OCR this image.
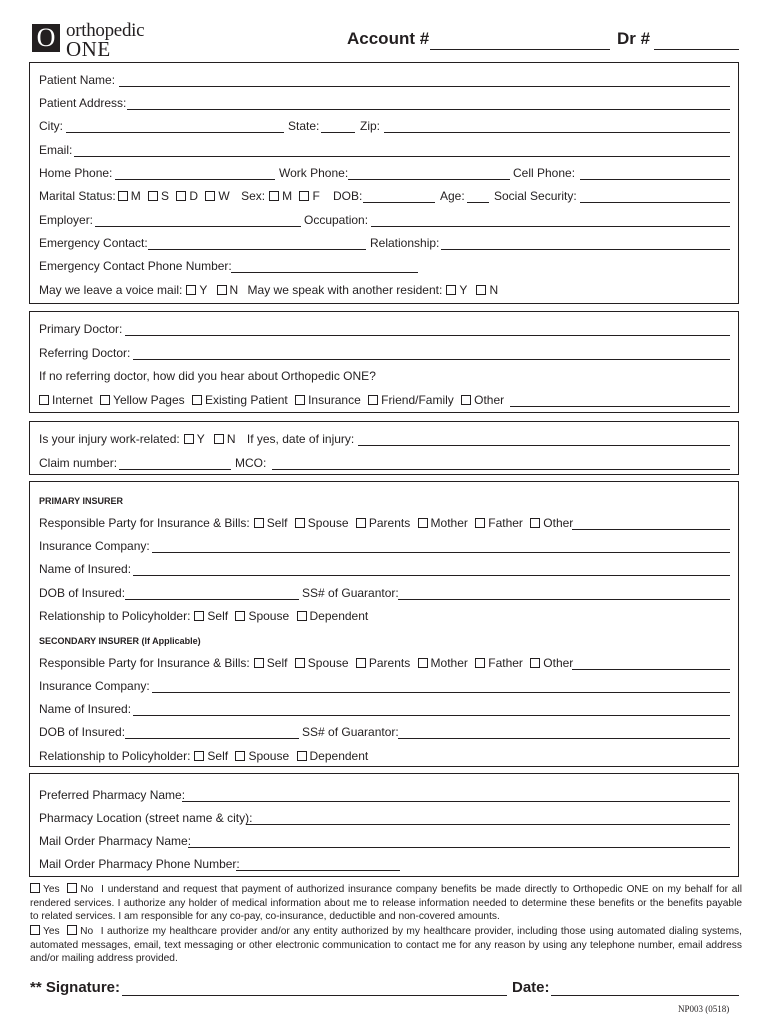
O orthopedic
ONE	Account #	Dr #
Patient Name:
Patient Address:
City:	State:	Zip:
Email:
Home Phone:	Work Phone:	Cell Phone:
Marital Status: M S D W Sex: M F DOB:	Age: Social Security:
Employer:	Occupation:
Emergency Contact:	Relationship:
Emergency Contact Phone Number:
May we leave a voice mail: Y N May we speak with another resident: Y N
Primary Doctor:
Referring Doctor:
If no referring doctor, how did you hear about Orthopedic ONE?
Internet Yellow Pages Existing Patient Insurance Friend/Family Other
Is your injury work-related: Y N If yes, date of injury:
Claim number:	MCO:
PRIMARY INSURER
Responsible Party for Insurance & Bills: Self Spouse Parents Mother Father Other
Insurance Company:
Name of Insured:
DOB of Insured:	SS# of Guarantor:
Relationship to Policyholder: Self Spouse Dependent
SECONDARY INSURER (If Applicable)
Responsible Party for Insurance & Bills: Self Spouse Parents Mother Father Other
Insurance Company:
Name of Insured:
DOB of Insured:	SS# of Guarantor:
Relationship to Policyholder: Self Spouse Dependent
Preferred Pharmacy Name:
Pharmacy Location (street name & city):
Mail Order Pharmacy Name:
Mail Order Pharmacy Phone Number:
Yes No I understand and request that payment of authorized insurance company benefits be made directly to Orthopedic ONE on my behalf for all rendered services. I authorize any holder of medical information about me to release information needed to determine these benefits or the benefits payable to related services. I am responsible for any co-pay, co-insurance, deductible and non-covered amounts.
Yes No I authorize my healthcare provider and/or any entity authorized by my healthcare provider, including those using automated dialing systems, automated messages, email, text messaging or other electronic communication to contact me for any reason by using any telephone number, email address and/or mailing address provided.
** Signature:	Date:
NP003 (0518)
